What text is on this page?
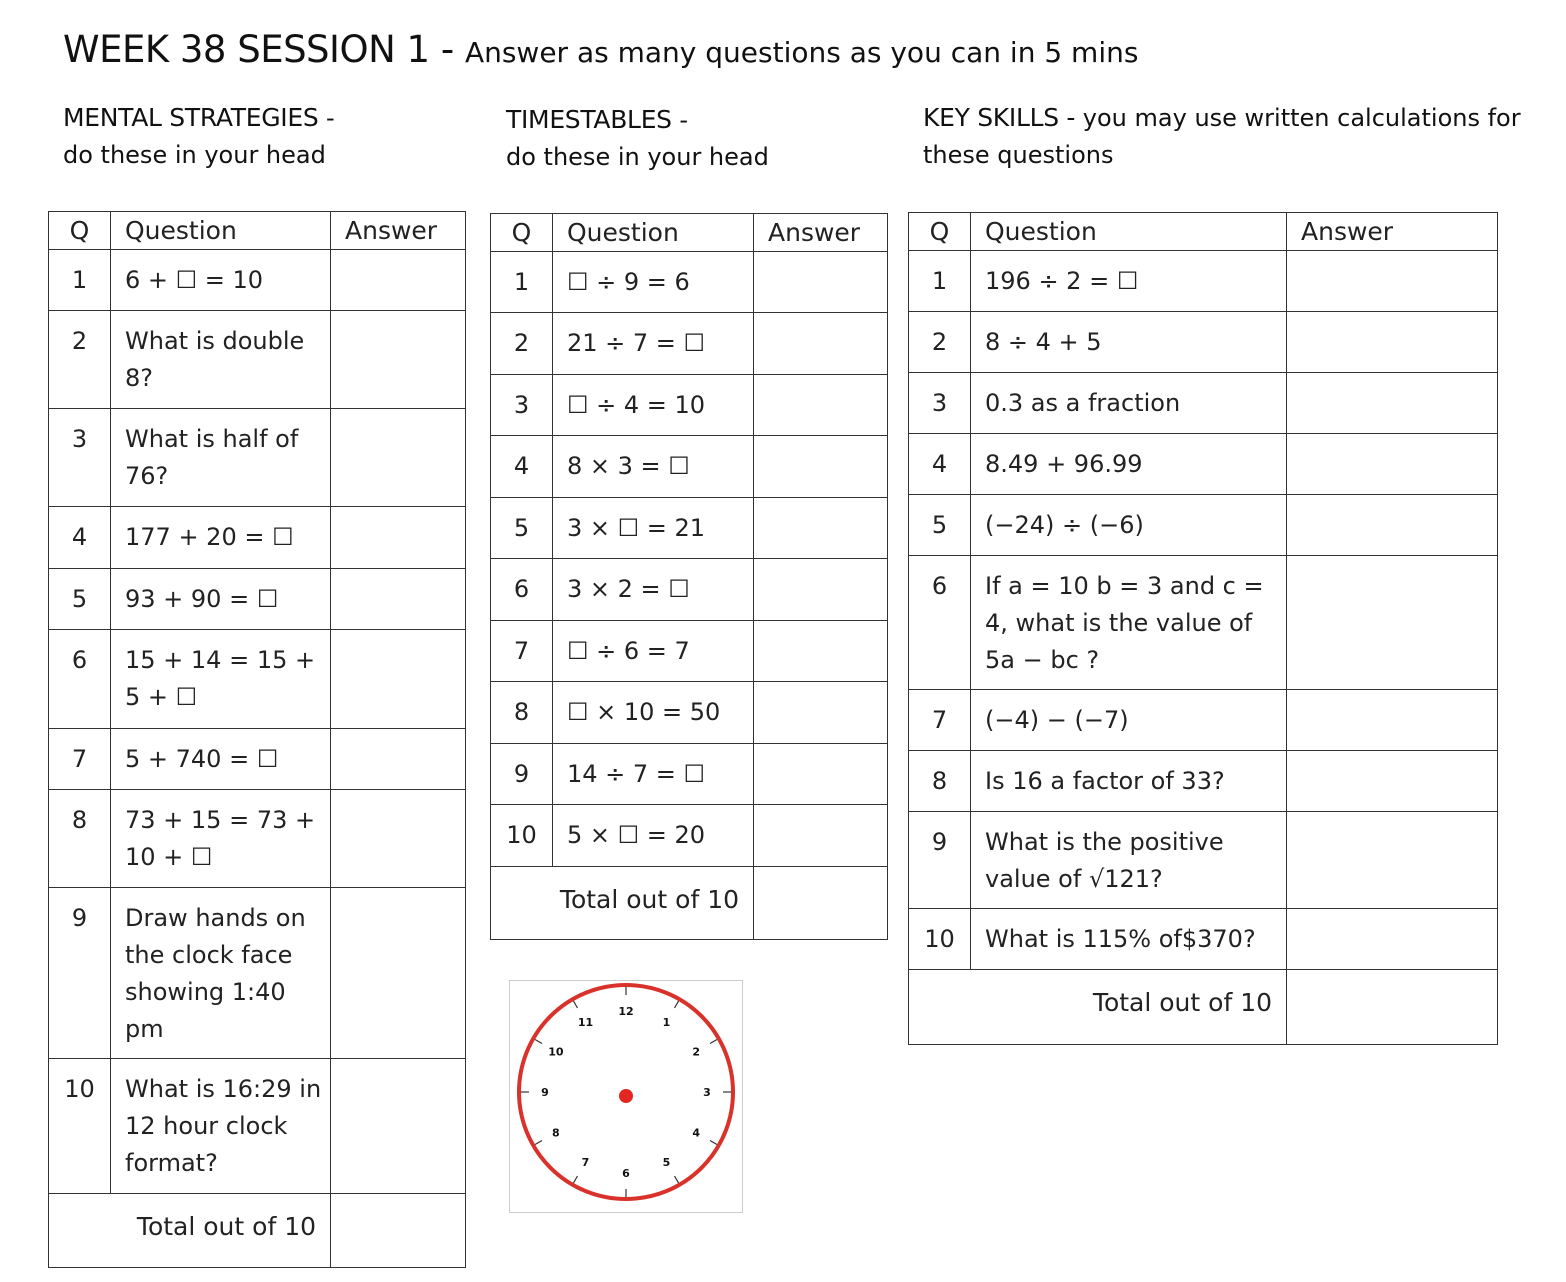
WEEK 38 SESSION 1 - Answer as many questions as you can in 5 mins
MENTAL STRATEGIES -
do these in your head
TIMESTABLES -
do these in your head
KEY SKILLS - you may use written calculations for
these questions
Q	Question	Answer
1	6 + ☐ = 10	
2	What is double 8?	
3	What is half of 76?	
4	177 + 20 = ☐	
5	93 + 90 = ☐	
6	15 + 14 = 15 + 5 + ☐	
7	5 + 740 = ☐	
8	73 + 15 = 73 + 10 + ☐	
9	Draw hands on the clock face showing 1:40 pm	
10	What is 16:29 in 12 hour clock format?	
Total out of 10		
Q	Question	Answer
1	☐ ÷ 9 = 6	
2	21 ÷ 7 = ☐	
3	☐ ÷ 4 = 10	
4	8 × 3 = ☐	
5	3 × ☐ = 21	
6	3 × 2 = ☐	
7	☐ ÷ 6 = 7	
8	☐ × 10 = 50	
9	14 ÷ 7 = ☐	
10	5 × ☐ = 20	
Total out of 10		
Q	Question	Answer
1	196 ÷ 2 = ☐	
2	8 ÷ 4 + 5	
3	0.3 as a fraction	
4	8.49 + 96.99	
5	(−24) ÷ (−6)	
6	If a = 10 b = 3 and c = 4, what is the value of 5a − bc ?	
7	(−4) − (−7)	
8	Is 16 a factor of 33?	
9	What is the positive value of √121?	
10	What is 115% of$370?	
Total out of 10		
12
1
2
3
4
5
6
7
8
9
10
11
